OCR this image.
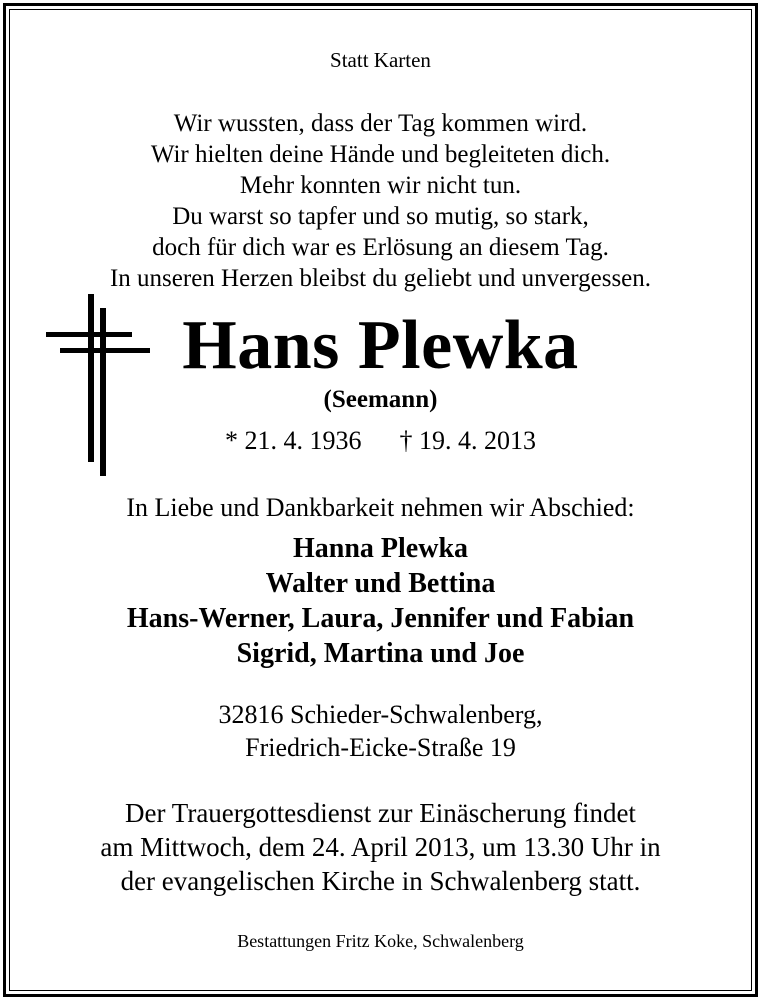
Statt Karten
Wir wussten, dass der Tag kommen wird.
Wir hielten deine Hände und begleiteten dich.
Mehr konnten wir nicht tun.
Du warst so tapfer und so mutig, so stark,
doch für dich war es Erlösung an diesem Tag.
In unseren Herzen bleibst du geliebt und unvergessen.
Hans Plewka
(Seemann)
* 21. 4. 1936 † 19. 4. 2013
In Liebe und Dankbarkeit nehmen wir Abschied:
Hanna Plewka
Walter und Bettina
Hans-Werner, Laura, Jennifer und Fabian
Sigrid, Martina und Joe
32816 Schieder-Schwalenberg,
Friedrich-Eicke-Straße 19
Der Trauergottesdienst zur Einäscherung findet
am Mittwoch, dem 24. April 2013, um 13.30 Uhr in
der evangelischen Kirche in Schwalenberg statt.
Bestattungen Fritz Koke, Schwalenberg
